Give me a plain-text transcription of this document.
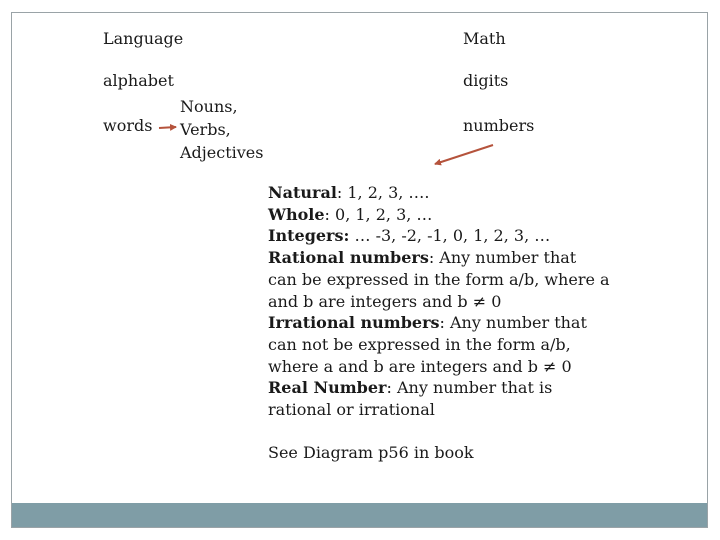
Language	Math
alphabet	digits
words
Nouns,
Verbs,
Adjectives
numbers
Natural: 1, 2, 3, ….
Whole: 0, 1, 2, 3, …
Integers: … -3, -2, -1, 0, 1, 2, 3, …
Rational numbers: Any number that
can be expressed in the form a/b, where a
and b are integers and b ≠ 0
Irrational numbers: Any number that
can not be expressed in the form a/b,
where a and b are integers and b ≠ 0
Real Number: Any number that is
rational or irrational
See Diagram p56 in book
